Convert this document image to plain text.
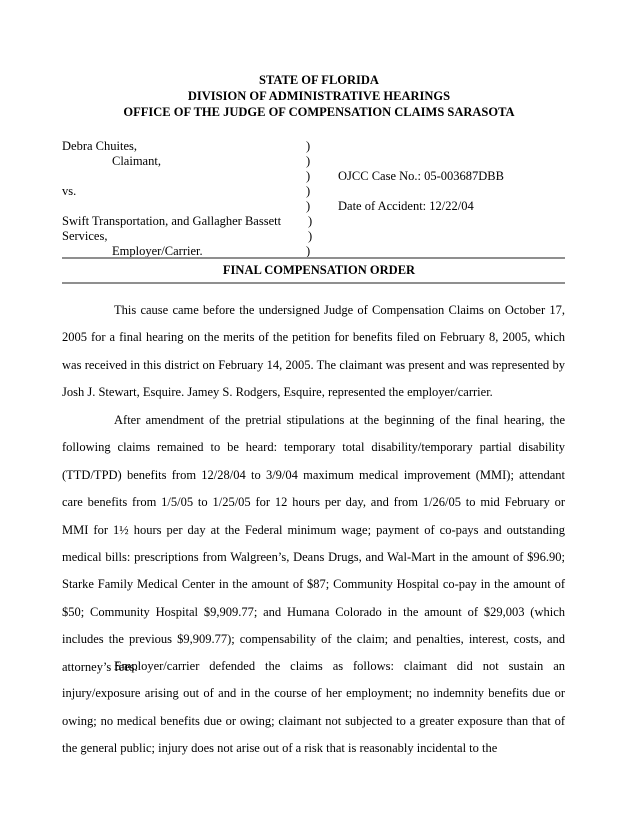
STATE OF FLORIDA
DIVISION OF ADMINISTRATIVE HEARINGS
OFFICE OF THE JUDGE OF COMPENSATION CLAIMS SARASOTA
Debra Chuites,
Claimant,
vs.
Swift Transportation, and Gallagher Bassett
Services,
Employer/Carrier.
)
)
)
)
)
)
)
)
OJCC Case No.: 05-003687DBB
Date of Accident: 12/22/04
FINAL COMPENSATION ORDER

This cause came before the undersigned Judge of Compensation Claims on October 17, 2005 for a final hearing on the merits of the petition for benefits filed on February 8, 2005, which was received in this district on February 14, 2005. The claimant was present and was represented by Josh J. Stewart, Esquire. Jamey S. Rodgers, Esquire, represented the employer/carrier.

After amendment of the pretrial stipulations at the beginning of the final hearing, the following claims remained to be heard: temporary total disability/temporary partial disability (TTD/TPD) benefits from 12/28/04 to 3/9/04 maximum medical improvement (MMI); attendant care benefits from 1/5/05 to 1/25/05 for 12 hours per day, and from 1/26/05 to mid February or MMI for 1½ hours per day at the Federal minimum wage; payment of co-pays and outstanding medical bills: prescriptions from Walgreen’s, Deans Drugs, and Wal-Mart in the amount of $96.90; Starke Family Medical Center in the amount of $87; Community Hospital co-pay in the amount of $50; Community Hospital $9,909.77; and Humana Colorado in the amount of $29,003 (which includes the previous $9,909.77); compensability of the claim; and penalties, interest, costs, and attorney’s fees.

Employer/carrier defended the claims as follows: claimant did not sustain an injury/exposure arising out of and in the course of her employment; no indemnity benefits due or owing; no medical benefits due or owing; claimant not subjected to a greater exposure than that of the general public; injury does not arise out of a risk that is reasonably incidental to the
